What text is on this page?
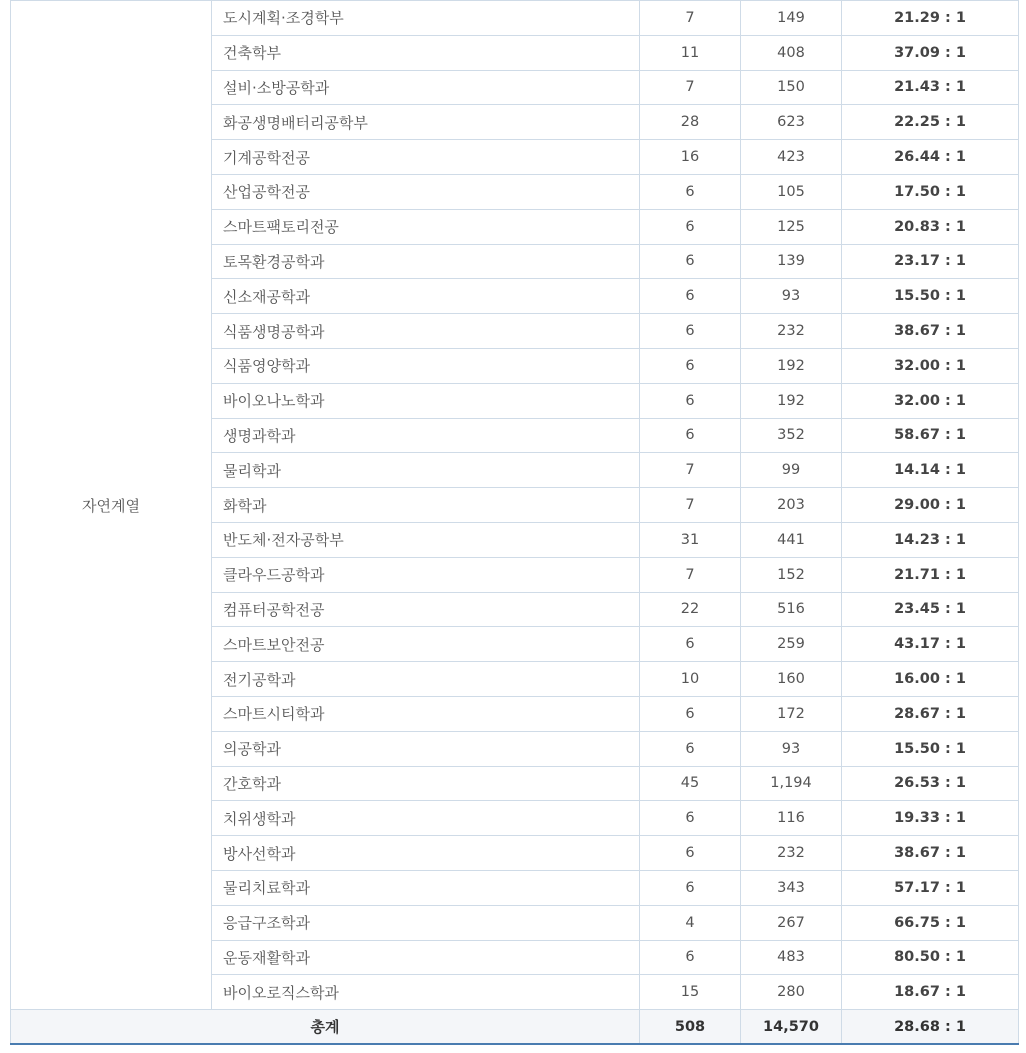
자연계열	도시계획·조경학부	7	149	21.29 : 1
	건축학부	11	408	37.09 : 1
	설비·소방공학과	7	150	21.43 : 1
	화공생명배터리공학부	28	623	22.25 : 1
	기계공학전공	16	423	26.44 : 1
	산업공학전공	6	105	17.50 : 1
	스마트팩토리전공	6	125	20.83 : 1
	토목환경공학과	6	139	23.17 : 1
	신소재공학과	6	93	15.50 : 1
	식품생명공학과	6	232	38.67 : 1
	식품영양학과	6	192	32.00 : 1
	바이오나노학과	6	192	32.00 : 1
	생명과학과	6	352	58.67 : 1
	물리학과	7	99	14.14 : 1
	화학과	7	203	29.00 : 1
	반도체·전자공학부	31	441	14.23 : 1
	클라우드공학과	7	152	21.71 : 1
	컴퓨터공학전공	22	516	23.45 : 1
	스마트보안전공	6	259	43.17 : 1
	전기공학과	10	160	16.00 : 1
	스마트시티학과	6	172	28.67 : 1
	의공학과	6	93	15.50 : 1
	간호학과	45	1,194	26.53 : 1
	치위생학과	6	116	19.33 : 1
	방사선학과	6	232	38.67 : 1
	물리치료학과	6	343	57.17 : 1
	응급구조학과	4	267	66.75 : 1
	운동재활학과	6	483	80.50 : 1
	바이오로직스학과	15	280	18.67 : 1
총계		508	14,570	28.68 : 1
